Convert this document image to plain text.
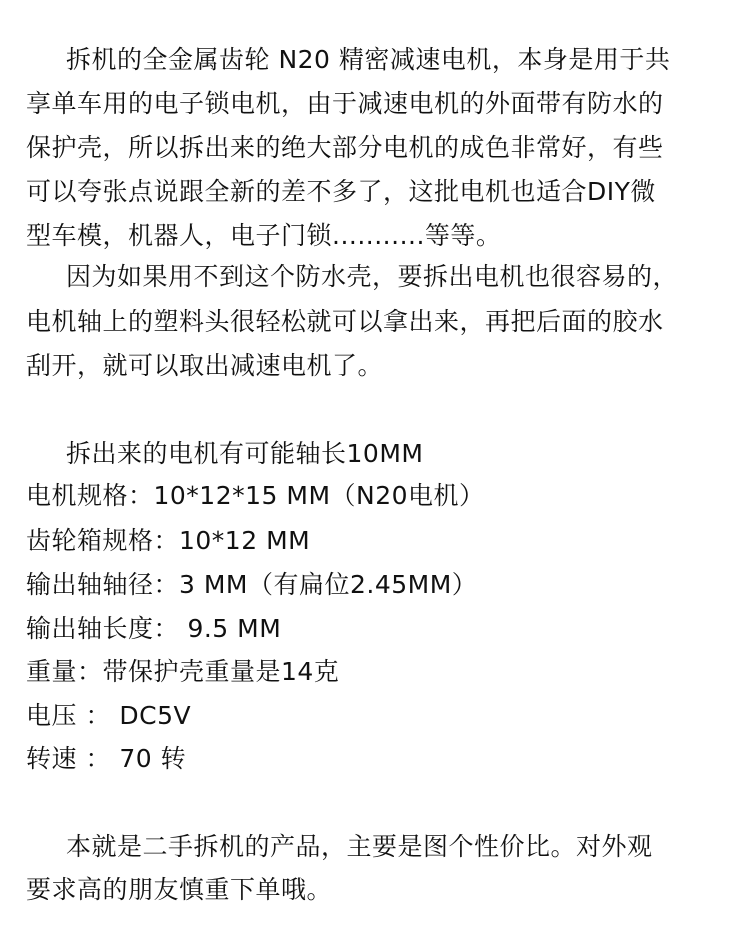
拆机的全金属齿轮 N20 精密减速电机，本身是用于共
享单车用的电子锁电机，由于减速电机的外面带有防水的
保护壳，所以拆出来的绝大部分电机的成色非常好，有些
可以夸张点说跟全新的差不多了，这批电机也适合DIY微
型车模，机器人，电子门锁...........等等。
因为如果用不到这个防水壳，要拆出电机也很容易的，
电机轴上的塑料头很轻松就可以拿出来，再把后面的胶水
刮开，就可以取出减速电机了。
拆出来的电机有可能轴长10MM
电机规格：10*12*15 MM（N20电机）
齿轮箱规格：10*12 MM
输出轴轴径：3 MM（有扁位2.45MM）
输出轴长度： 9.5 MM
重量：带保护壳重量是14克
电压 ： DC5V
转速 ： 70 转
本就是二手拆机的产品，主要是图个性价比。对外观
要求高的朋友慎重下单哦。
